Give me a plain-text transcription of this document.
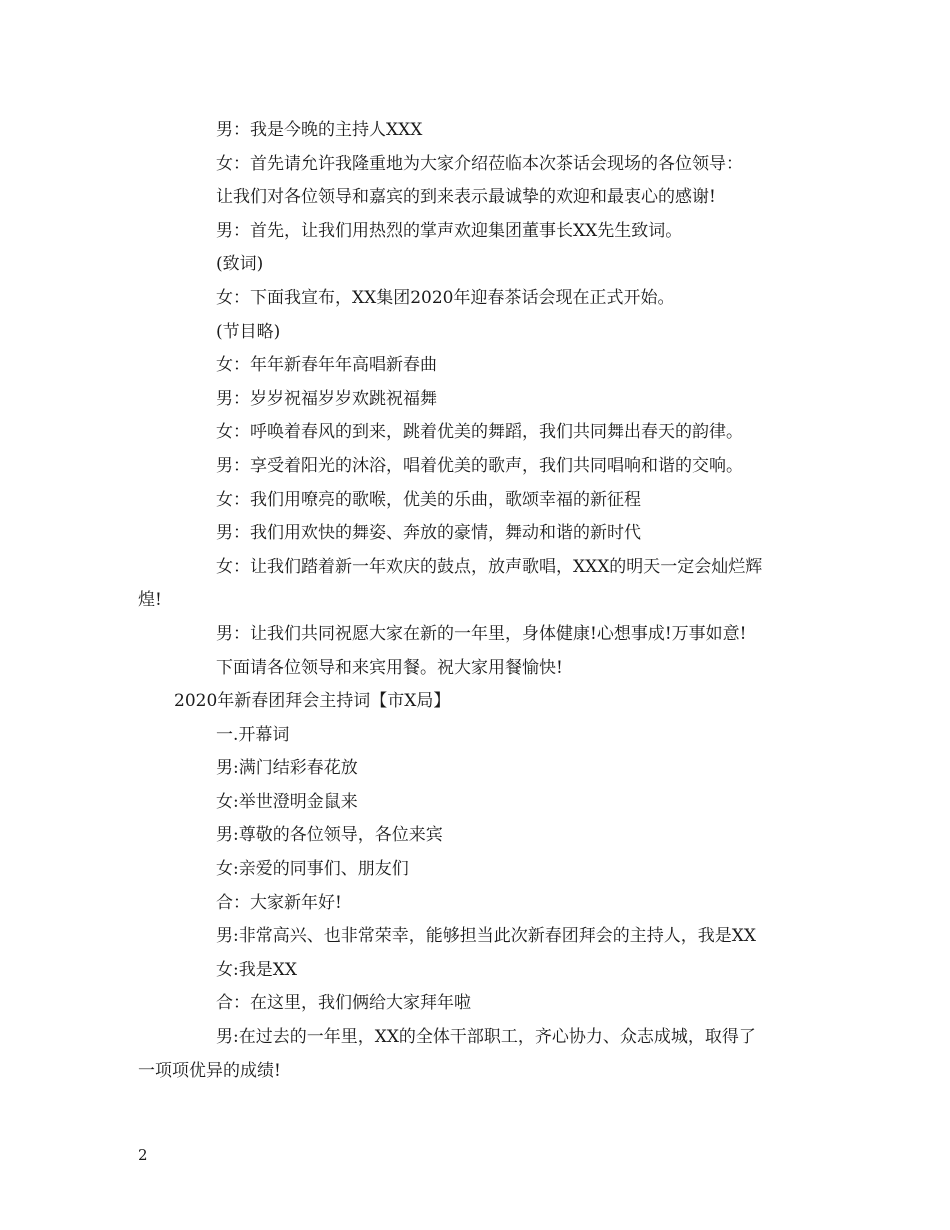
男：我是今晚的主持人XXX
女：首先请允许我隆重地为大家介绍莅临本次茶话会现场的各位领导：
让我们对各位领导和嘉宾的到来表示最诚挚的欢迎和最衷心的感谢!
男：首先，让我们用热烈的掌声欢迎集团董事长XX先生致词。
(致词)
女：下面我宣布，XX集团2020年迎春茶话会现在正式开始。
(节目略)
女：年年新春年年高唱新春曲
男：岁岁祝福岁岁欢跳祝福舞
女：呼唤着春风的到来，跳着优美的舞蹈，我们共同舞出春天的韵律。
男：享受着阳光的沐浴，唱着优美的歌声，我们共同唱响和谐的交响。
女：我们用嘹亮的歌喉，优美的乐曲，歌颂幸福的新征程
男：我们用欢快的舞姿、奔放的豪情，舞动和谐的新时代
女：让我们踏着新一年欢庆的鼓点，放声歌唱，XXX的明天一定会灿烂辉
煌!
男：让我们共同祝愿大家在新的一年里，身体健康!心想事成!万事如意!
下面请各位领导和来宾用餐。祝大家用餐愉快!
2020年新春团拜会主持词【市X局】
一.开幕词
男:满门结彩春花放
女:举世澄明金鼠来
男:尊敬的各位领导，各位来宾
女:亲爱的同事们、朋友们
合：大家新年好!
男:非常高兴、也非常荣幸，能够担当此次新春团拜会的主持人，我是XX
女:我是XX
合：在这里，我们俩给大家拜年啦
男:在过去的一年里，XX的全体干部职工，齐心协力、众志成城，取得了
一项项优异的成绩!
2
